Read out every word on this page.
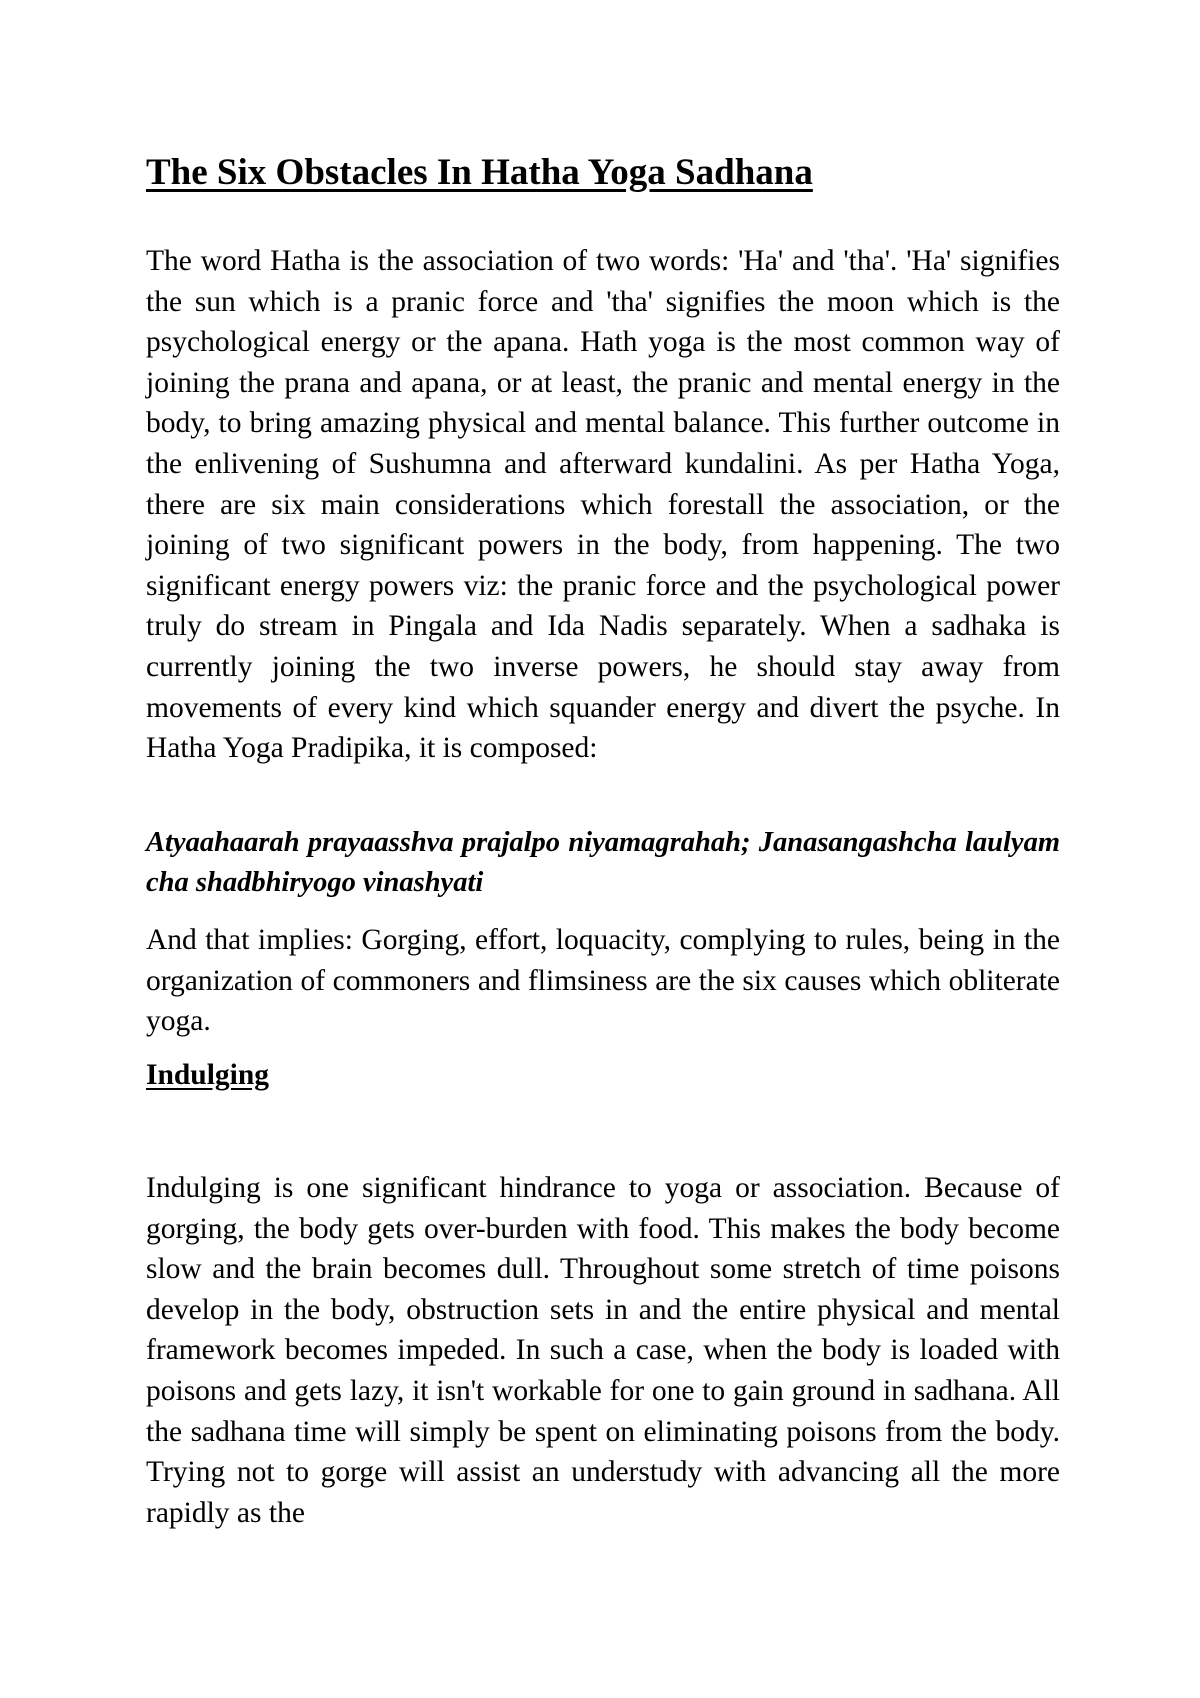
The Six Obstacles In Hatha Yoga Sadhana

The word Hatha is the association of two words: 'Ha' and 'tha'. 'Ha' signifies the sun which is a pranic force and 'tha' signifies the moon which is the psychological energy or the apana. Hath yoga is the most common way of joining the prana and apana, or at least, the pranic and mental energy in the body, to bring amazing physical and mental balance. This further outcome in the enlivening of Sushumna and afterward kundalini. As per Hatha Yoga, there are six main considerations which forestall the association, or the joining of two significant powers in the body, from happening. The two significant energy powers viz: the pranic force and the psychological power truly do stream in Pingala and Ida Nadis separately. When a sadhaka is currently joining the two inverse powers, he should stay away from movements of every kind which squander energy and divert the psyche. In Hatha Yoga Pradipika, it is composed:

Atyaahaarah prayaasshva prajalpo niyamagrahah; Janasangashcha laulyam cha shadbhiryogo vinashyati

And that implies: Gorging, effort, loquacity, complying to rules, being in the organization of commoners and flimsiness are the six causes which obliterate yoga.

Indulging

Indulging is one significant hindrance to yoga or association. Because of gorging, the body gets over-burden with food. This makes the body become slow and the brain becomes dull. Throughout some stretch of time poisons develop in the body, obstruction sets in and the entire physical and mental framework becomes impeded. In such a case, when the body is loaded with poisons and gets lazy, it isn't workable for one to gain ground in sadhana. All the sadhana time will simply be spent on eliminating poisons from the body. Trying not to gorge will assist an understudy with advancing all the more rapidly as the
